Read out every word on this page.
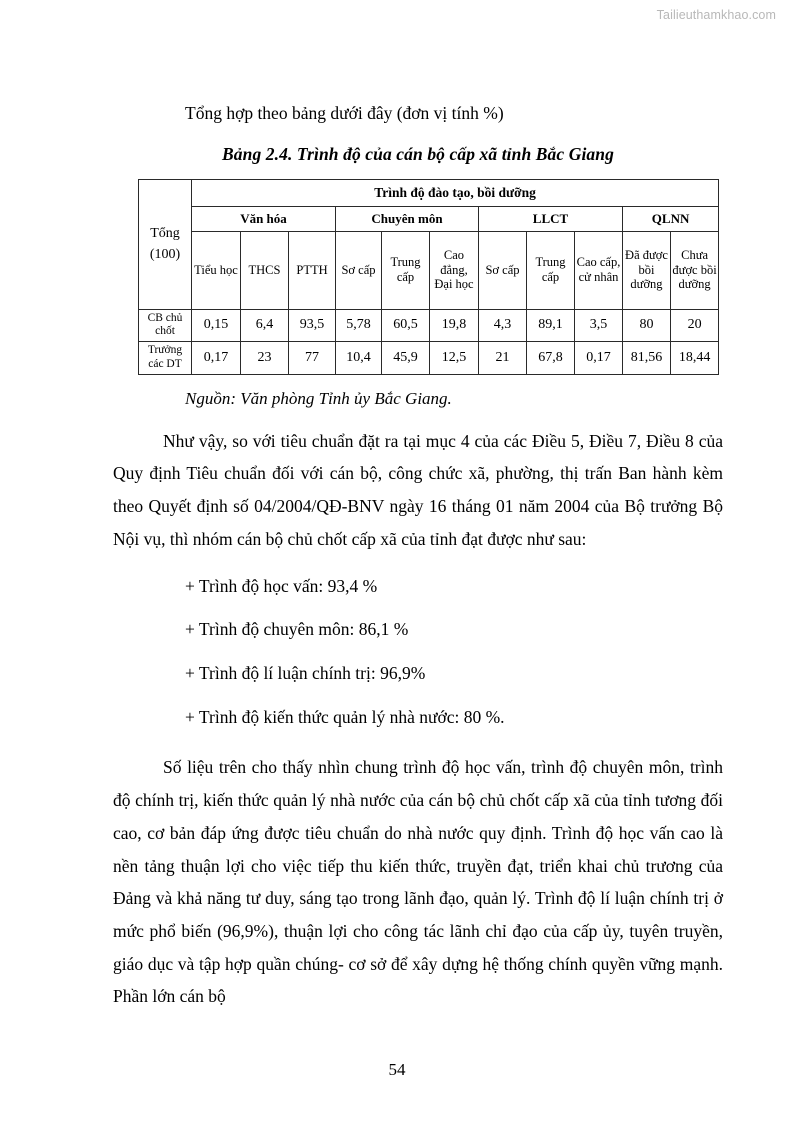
Tailieuthamkhao.com

Tổng hợp theo bảng dưới đây (đơn vị tính %)

Bảng 2.4. Trình độ của cán bộ cấp xã tỉnh Bắc Giang
Tổng
(100)	Trình độ đào tạo, bồi dưỡng										
	Văn hóa			Chuyên môn			LLCT			QLNN	
	Tiểu học	THCS	PTTH	Sơ cấp	Trung cấp	Cao đẳng, Đại học	Sơ cấp	Trung cấp	Cao cấp, cử nhân	Đã được bồi dưỡng	Chưa được bồi dưỡng
CB chủ chốt	0,15	6,4	93,5	5,78	60,5	19,8	4,3	89,1	3,5	80	20
Trưởng các DT	0,17	23	77	10,4	45,9	12,5	21	67,8	0,17	81,56	18,44
Nguồn: Văn phòng Tỉnh ủy Bắc Giang.

Như vậy, so với tiêu chuẩn đặt ra tại mục 4 của các Điều 5, Điều 7, Điều 8 của Quy định Tiêu chuẩn đối với cán bộ, công chức xã, phường, thị trấn Ban hành kèm theo Quyết định số 04/2004/QĐ-BNV ngày 16 tháng 01 năm 2004 của Bộ trưởng Bộ Nội vụ, thì nhóm cán bộ chủ chốt cấp xã của tỉnh đạt được như sau:

+ Trình độ học vấn: 93,4 %
+ Trình độ chuyên môn: 86,1 %
+ Trình độ lí luận chính trị: 96,9%
+ Trình độ kiến thức quản lý nhà nước: 80 %.

Số liệu trên cho thấy nhìn chung trình độ học vấn, trình độ chuyên môn, trình độ chính trị, kiến thức quản lý nhà nước của cán bộ chủ chốt cấp xã của tỉnh tương đối cao, cơ bản đáp ứng được tiêu chuẩn do nhà nước quy định. Trình độ học vấn cao là nền tảng thuận lợi cho việc tiếp thu kiến thức, truyền đạt, triển khai chủ trương của Đảng và khả năng tư duy, sáng tạo trong lãnh đạo, quản lý. Trình độ lí luận chính trị ở mức phổ biến (96,9%), thuận lợi cho công tác lãnh chỉ đạo của cấp ủy, tuyên truyền, giáo dục và tập hợp quần chúng- cơ sở để xây dựng hệ thống chính quyền vững mạnh. Phần lớn cán bộ

54
